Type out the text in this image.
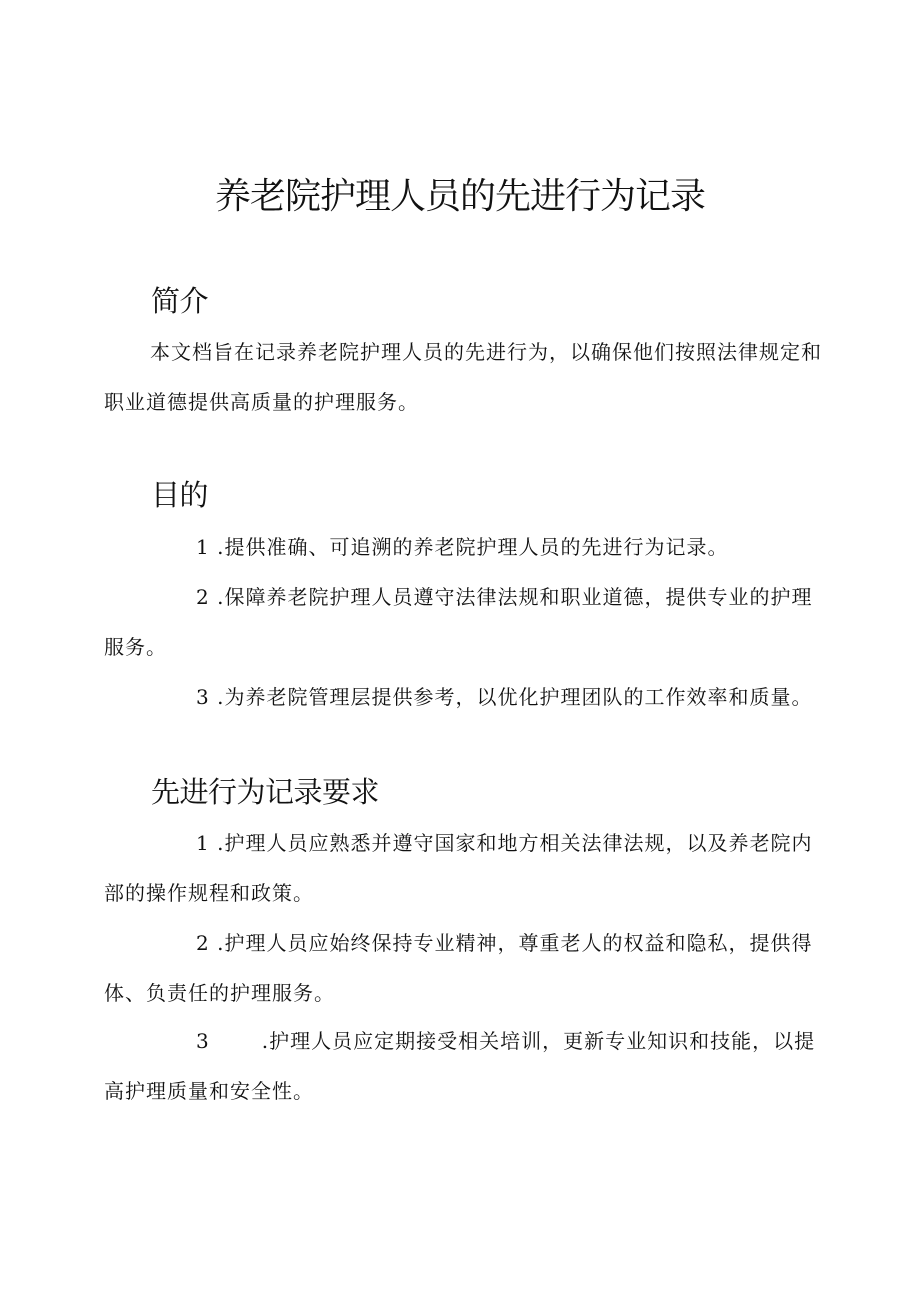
养老院护理人员的先进行为记录
简介

本文档旨在记录养老院护理人员的先进行为，以确保他们按照法律规定和职业道德提供高质量的护理服务。

目的

1 .提供准确、可追溯的养老院护理人员的先进行为记录。

2 .保障养老院护理人员遵守法律法规和职业道德，提供专业的护理服务。

3 .为养老院管理层提供参考，以优化护理团队的工作效率和质量。

先进行为记录要求

1 .护理人员应熟悉并遵守国家和地方相关法律法规，以及养老院内部的操作规程和政策。

2 .护理人员应始终保持专业精神，尊重老人的权益和隐私，提供得体、负责任的护理服务。

3	.护理人员应定期接受相关培训，更新专业知识和技能，以提高护理质量和安全性。
